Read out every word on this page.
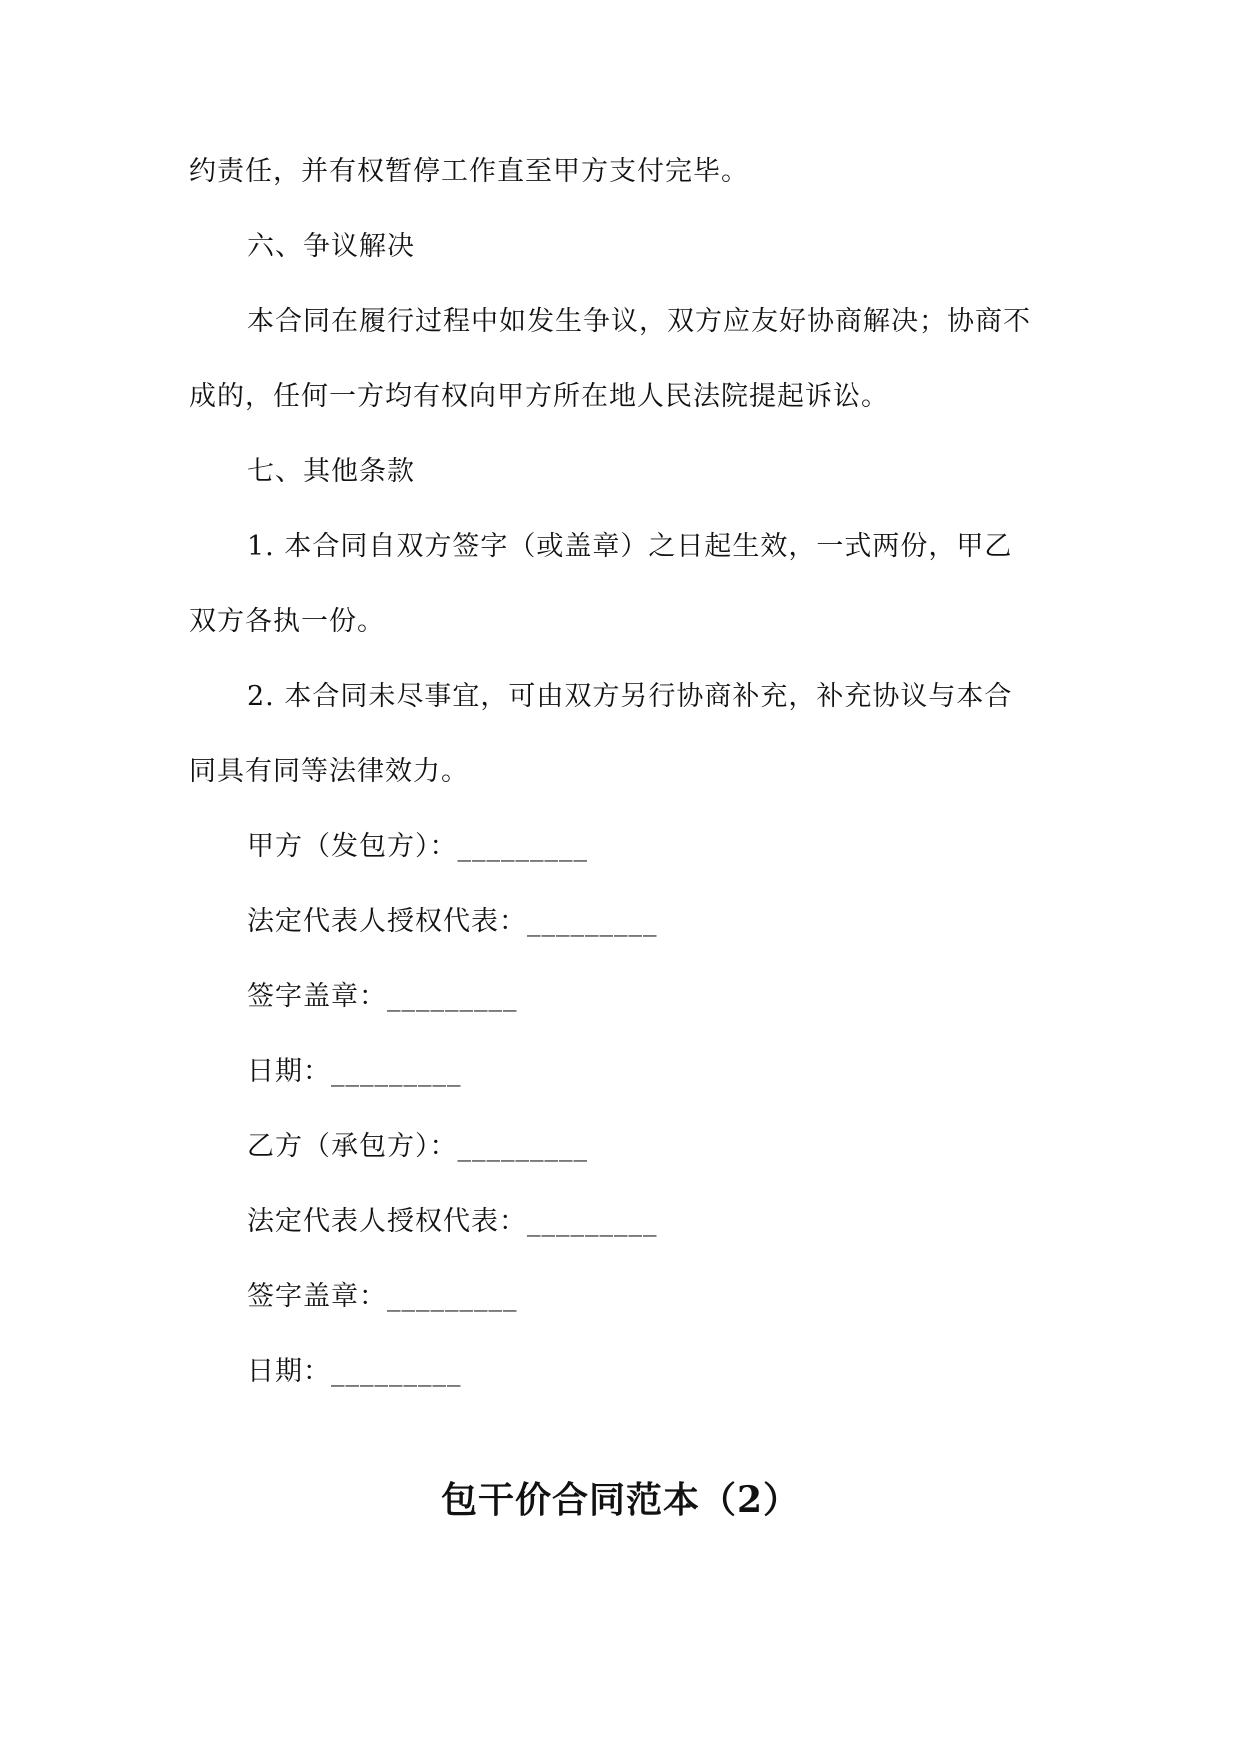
约责任，并有权暂停工作直至甲方支付完毕。
六、争议解决
本合同在履行过程中如发生争议，双方应友好协商解决；协商不
成的，任何一方均有权向甲方所在地人民法院提起诉讼。
七、其他条款
1. 本合同自双方签字（或盖章）之日起生效，一式两份，甲乙
双方各执一份。
2. 本合同未尽事宜，可由双方另行协商补充，补充协议与本合
同具有同等法律效力。
甲方（发包方）：_________
法定代表人授权代表：_________
签字盖章：_________
日期：_________
乙方（承包方）：_________
法定代表人授权代表：_________
签字盖章：_________
日期：_________
包干价合同范本（2）
